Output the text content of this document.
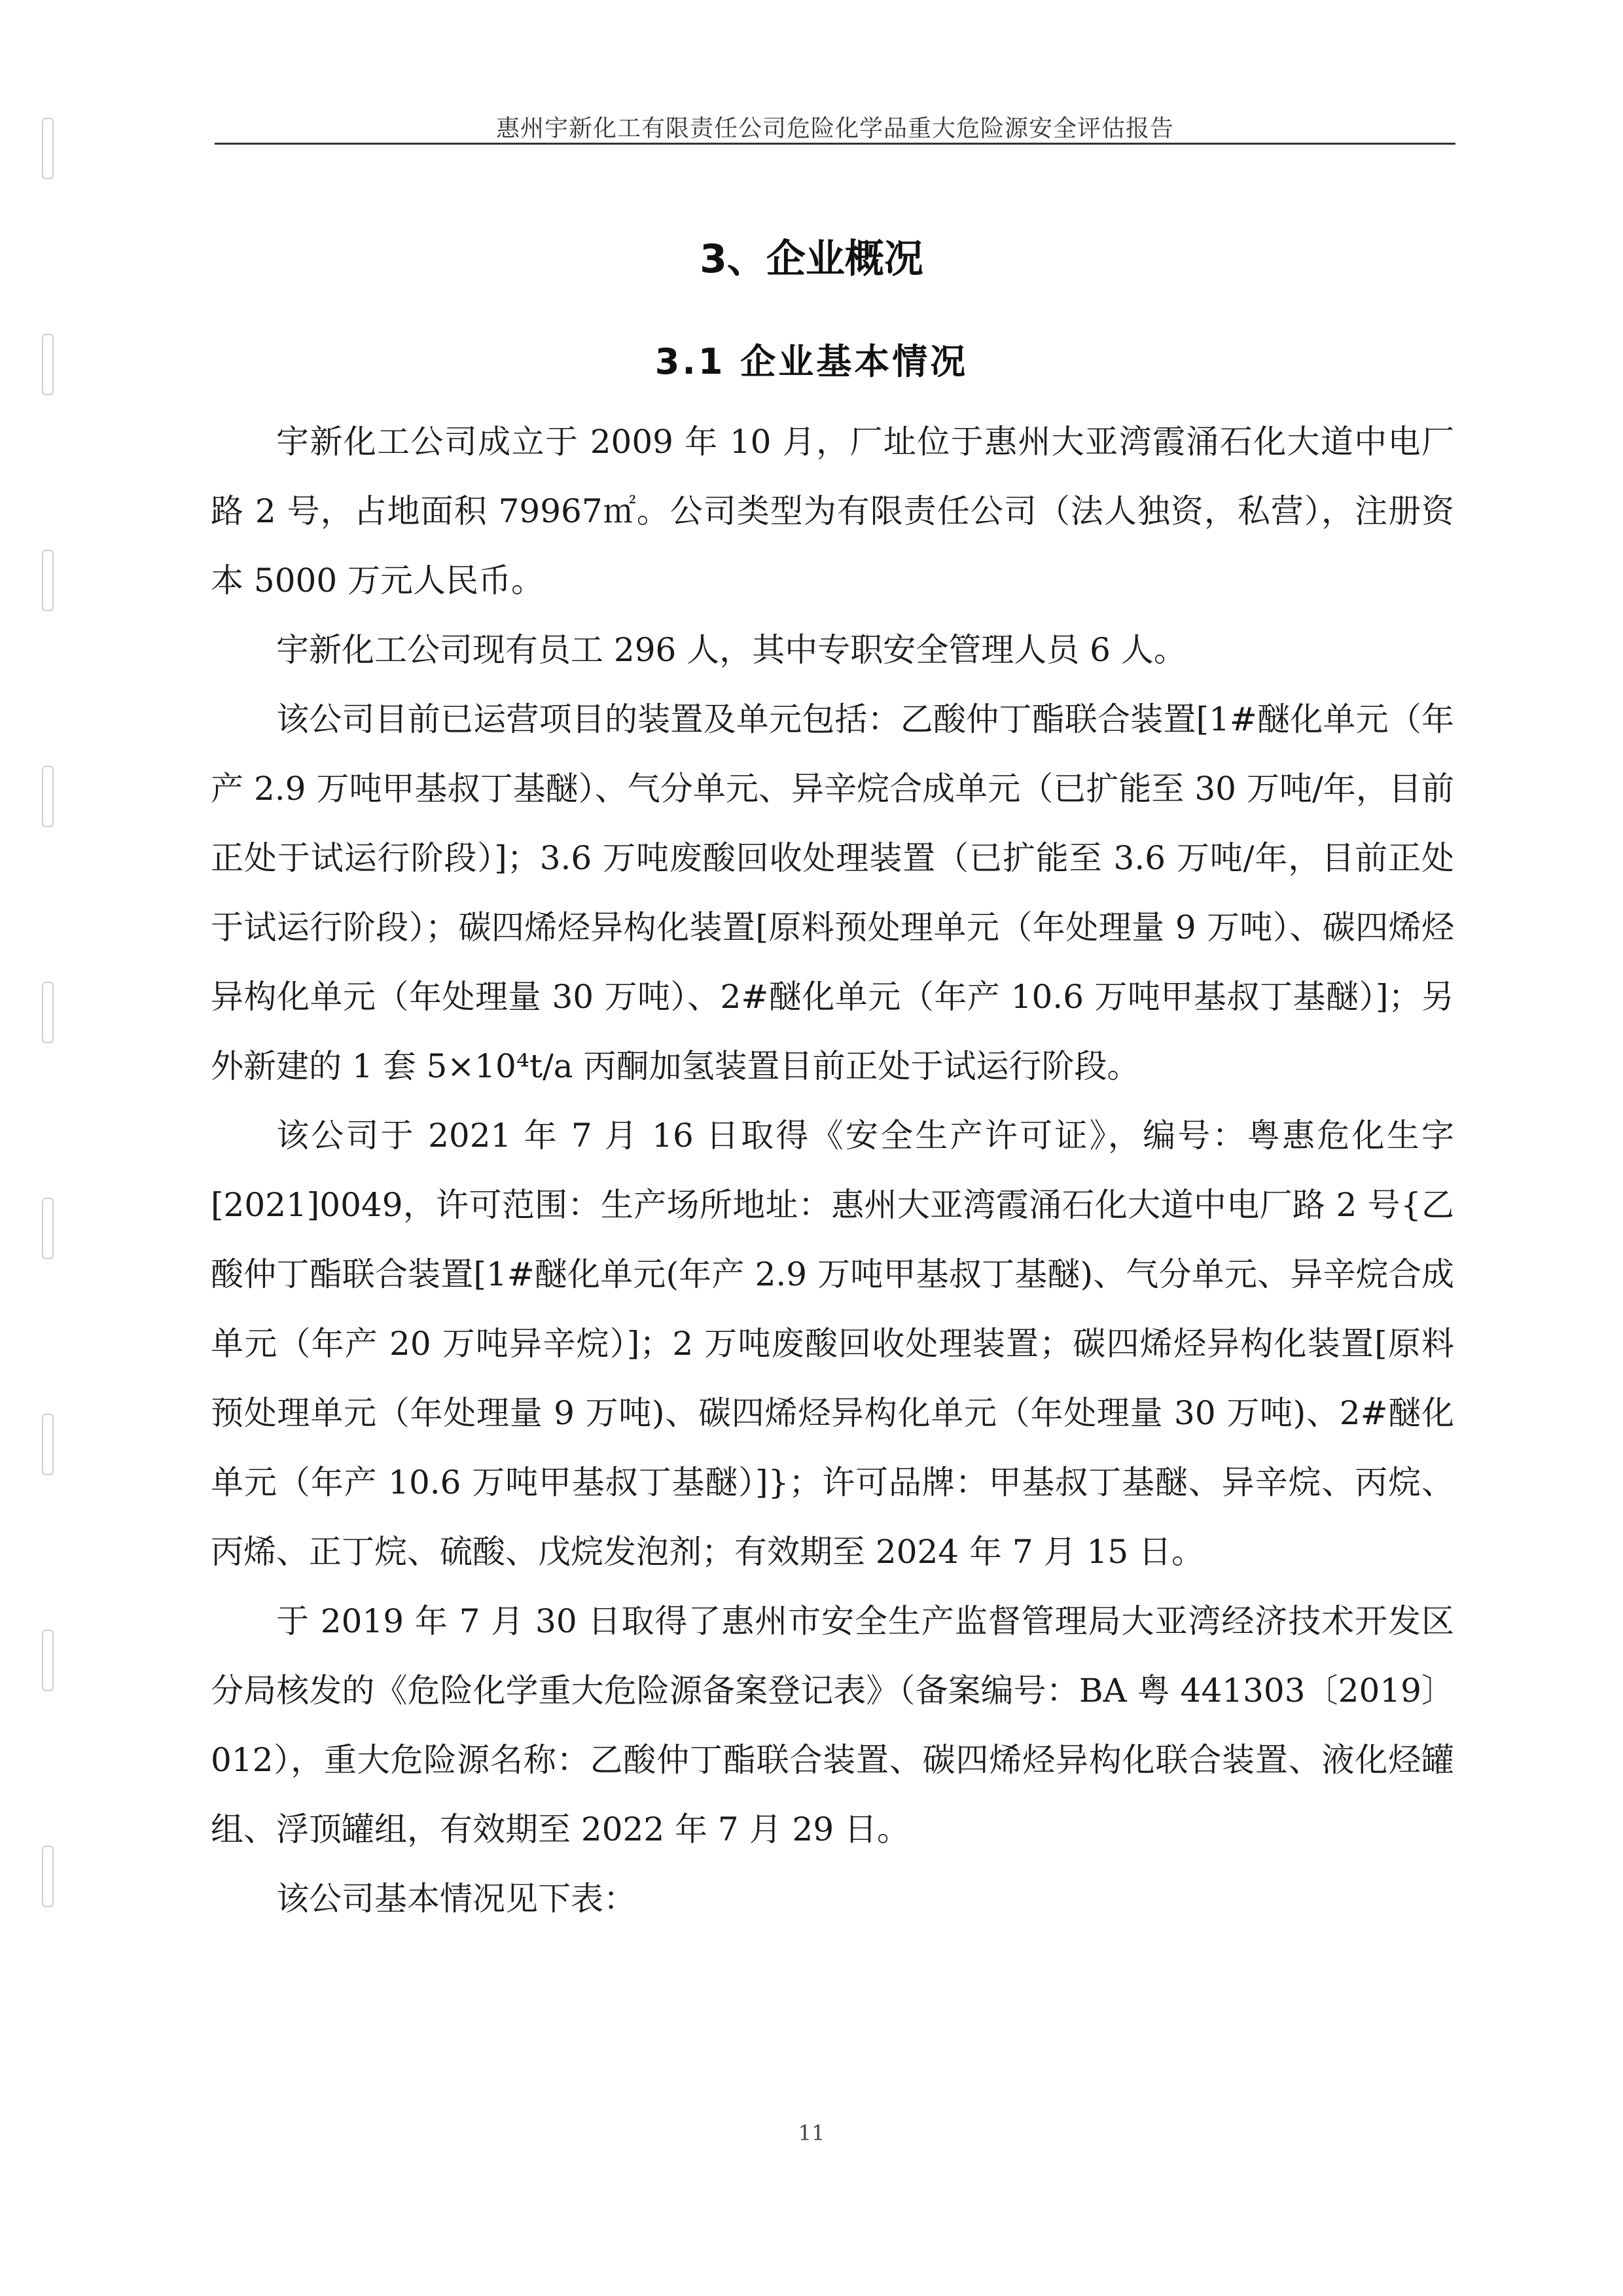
惠州宇新化工有限责任公司危险化学品重大危险源安全评估报告
3、企业概况
3.1 企业基本情况

宇新化工公司成立于 2009 年 10 月，厂址位于惠州大亚湾霞涌石化大道中电厂路 2 号，占地面积 79967㎡。公司类型为有限责任公司（法人独资，私营），注册资本 5000 万元人民币。

宇新化工公司现有员工 296 人，其中专职安全管理人员 6 人。

该公司目前已运营项目的装置及单元包括：乙酸仲丁酯联合装置[1#醚化单元（年产 2.9 万吨甲基叔丁基醚）、气分单元、异辛烷合成单元（已扩能至 30 万吨/年，目前正处于试运行阶段）]；3.6 万吨废酸回收处理装置（已扩能至 3.6 万吨/年，目前正处于试运行阶段）；碳四烯烃异构化装置[原料预处理单元（年处理量 9 万吨）、碳四烯烃异构化单元（年处理量 30 万吨）、2#醚化单元（年产 10.6 万吨甲基叔丁基醚）]；另外新建的 1 套 5×10⁴t/a 丙酮加氢装置目前正处于试运行阶段。

该公司于 2021 年 7 月 16 日取得《安全生产许可证》，编号：粤惠危化生字[2021]0049，许可范围：生产场所地址：惠州大亚湾霞涌石化大道中电厂路 2 号{乙酸仲丁酯联合装置[1#醚化单元(年产 2.9 万吨甲基叔丁基醚)、气分单元、异辛烷合成单元（年产 20 万吨异辛烷）]；2 万吨废酸回收处理装置；碳四烯烃异构化装置[原料预处理单元（年处理量 9 万吨)、碳四烯烃异构化单元（年处理量 30 万吨)、2#醚化单元（年产 10.6 万吨甲基叔丁基醚）]}；许可品牌：甲基叔丁基醚、异辛烷、丙烷、丙烯、正丁烷、硫酸、戊烷发泡剂；有效期至 2024 年 7 月 15 日。

于 2019 年 7 月 30 日取得了惠州市安全生产监督管理局大亚湾经济技术开发区分局核发的《危险化学重大危险源备案登记表》（备案编号：BA 粤 441303〔2019〕012），重大危险源名称：乙酸仲丁酯联合装置、碳四烯烃异构化联合装置、液化烃罐组、浮顶罐组，有效期至 2022 年 7 月 29 日。

该公司基本情况见下表：

11
